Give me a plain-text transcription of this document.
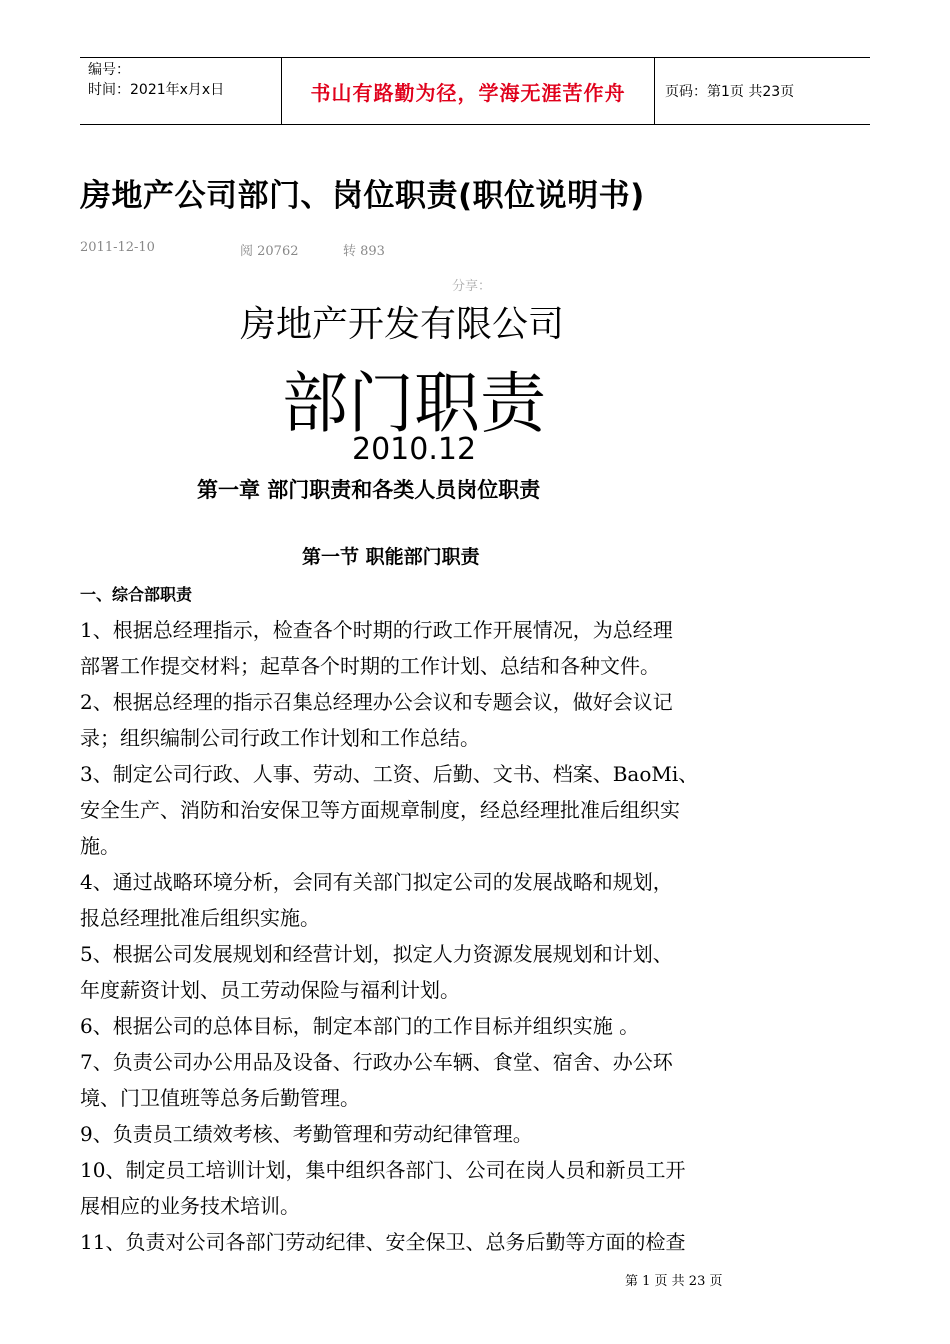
编号：
时间：2021年x月x日	书山有路勤为径，学海无涯苦作舟	页码：第1页 共23页
房地产公司部门、岗位职责(职位说明书)
2011-12-10	阅 20762	转 893
分享：
房地产开发有限公司
部门职责
2010.12
第一章 部门职责和各类人员岗位职责
第一节 职能部门职责
一、综合部职责
1、根据总经理指示，检查各个时期的行政工作开展情况，为总经理
部署工作提交材料；起草各个时期的工作计划、总结和各种文件。
2、根据总经理的指示召集总经理办公会议和专题会议，做好会议记
录；组织编制公司行政工作计划和工作总结。
3、制定公司行政、人事、劳动、工资、后勤、文书、档案、BaoMi、
安全生产、消防和治安保卫等方面规章制度，经总经理批准后组织实
施。
4、通过战略环境分析，会同有关部门拟定公司的发展战略和规划，
报总经理批准后组织实施。
5、根据公司发展规划和经营计划，拟定人力资源发展规划和计划、
年度薪资计划、员工劳动保险与福利计划。
6、根据公司的总体目标，制定本部门的工作目标并组织实施 。
7、负责公司办公用品及设备、行政办公车辆、食堂、宿舍、办公环
境、门卫值班等总务后勤管理。
9、负责员工绩效考核、考勤管理和劳动纪律管理。
10、制定员工培训计划，集中组织各部门、公司在岗人员和新员工开
展相应的业务技术培训。
11、负责对公司各部门劳动纪律、安全保卫、总务后勤等方面的检查
第 1 页 共 23 页
